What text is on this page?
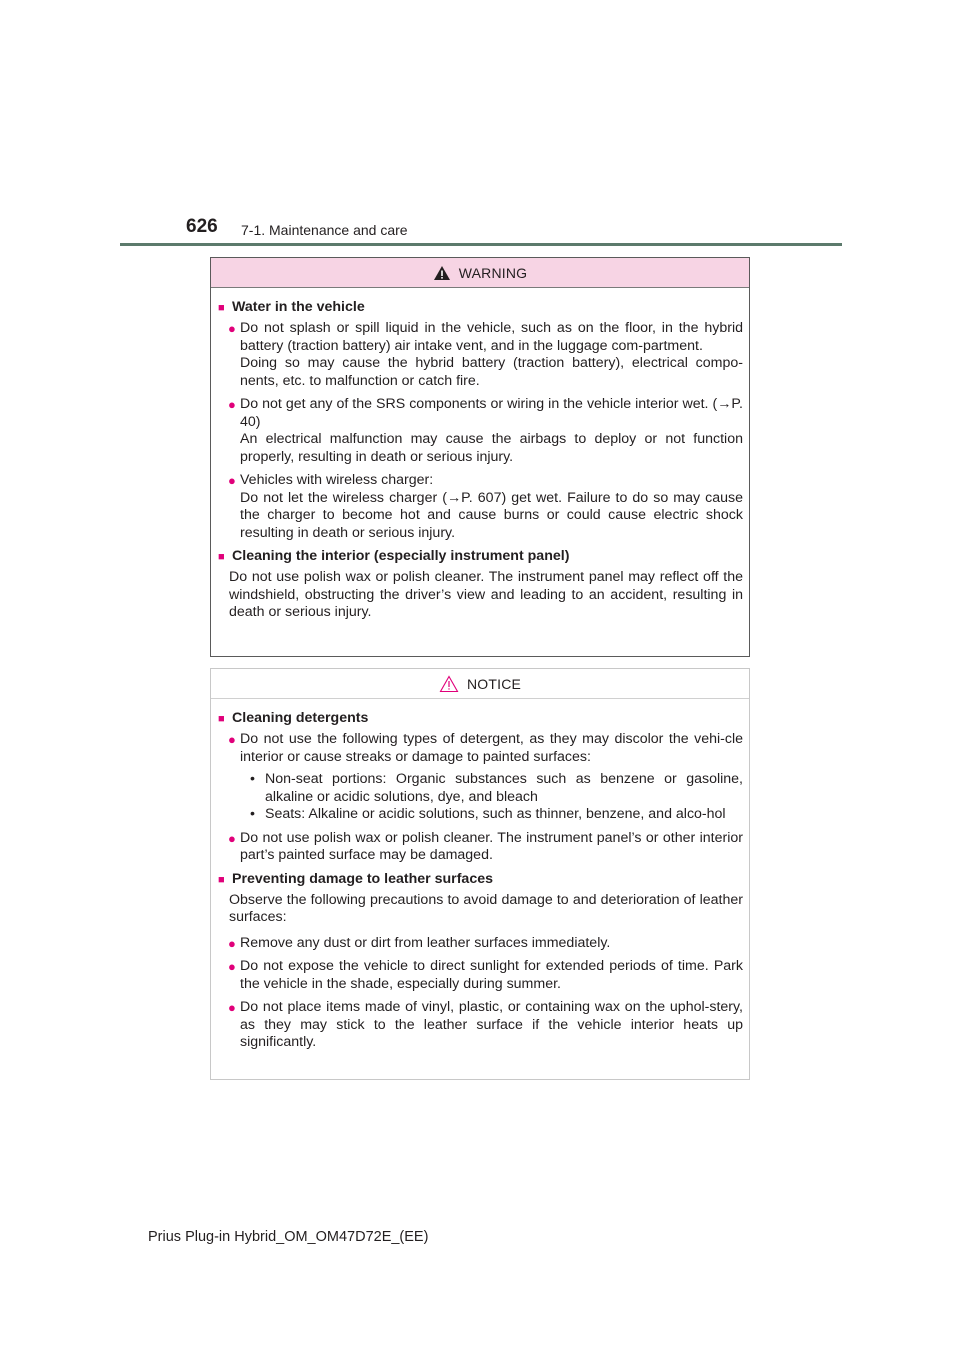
626 7-1. Maintenance and care
WARNING
■ Water in the vehicle
● Do not splash or spill liquid in the vehicle, such as on the floor, in the hybrid battery (traction battery) air intake vent, and in the luggage com-partment.

Doing so may cause the hybrid battery (traction battery), electrical compo-nents, etc. to malfunction or catch fire.

● Do not get any of the SRS components or wiring in the vehicle interior wet. (→P. 40)

An electrical malfunction may cause the airbags to deploy or not function properly, resulting in death or serious injury.

● Vehicles with wireless charger:

Do not let the wireless charger (→P. 607) get wet. Failure to do so may cause the charger to become hot and cause burns or could cause electric shock resulting in death or serious injury.

■ Cleaning the interior (especially instrument panel)
Do not use polish wax or polish cleaner. The instrument panel may reflect off the windshield, obstructing the driver’s view and leading to an accident, resulting in death or serious injury.
NOTICE
■ Cleaning detergents
● Do not use the following types of detergent, as they may discolor the vehi-cle interior or cause streaks or damage to painted surfaces:

• Non-seat portions: Organic substances such as benzene or gasoline, alkaline or acidic solutions, dye, and bleach
• Seats: Alkaline or acidic solutions, such as thinner, benzene, and alco-hol
● Do not use polish wax or polish cleaner. The instrument panel’s or other interior part’s painted surface may be damaged.

■ Preventing damage to leather surfaces
Observe the following precautions to avoid damage to and deterioration of leather surfaces:
● Remove any dust or dirt from leather surfaces immediately.

● Do not expose the vehicle to direct sunlight for extended periods of time. Park the vehicle in the shade, especially during summer.

● Do not place items made of vinyl, plastic, or containing wax on the uphol-stery, as they may stick to the leather surface if the vehicle interior heats up significantly.

Prius Plug-in Hybrid_OM_OM47D72E_(EE)
